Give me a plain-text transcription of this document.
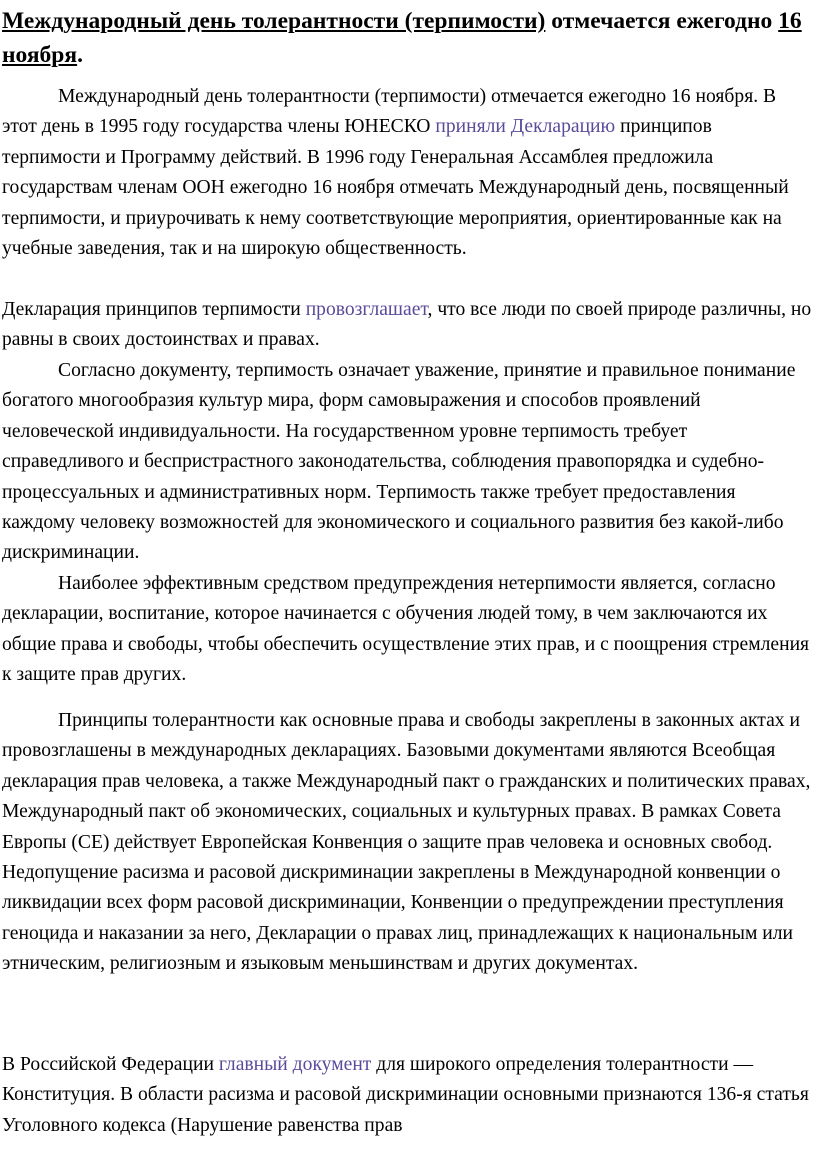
Международный день толерантности (терпимости) отмечается ежегодно 16 ноября.

Международный день толерантности (терпимости) отмечается ежегодно 16 ноября. В этот день в 1995 году государства члены ЮНЕСКО приняли Декларацию принципов терпимости и Программу действий. В 1996 году Генеральная Ассамблея предложила государствам членам ООН ежегодно 16 ноября отмечать Международный день, посвященный терпимости, и приурочивать к нему соответствующие мероприятия, ориентированные как на учебные заведения, так и на широкую общественность.

Декларация принципов терпимости провозглашает, что все люди по своей природе различны, но равны в своих достоинствах и правах.

Согласно документу, терпимость означает уважение, принятие и правильное понимание богатого многообразия культур мира, форм самовыражения и способов проявлений человеческой индивидуальности. На государственном уровне терпимость требует справедливого и беспристрастного законодательства, соблюдения правопорядка и судебно-процессуальных и административных норм. Терпимость также требует предоставления каждому человеку возможностей для экономического и социального развития без какой-либо дискриминации.

Наиболее эффективным средством предупреждения нетерпимости является, согласно декларации, воспитание, которое начинается с обучения людей тому, в чем заключаются их общие права и свободы, чтобы обеспечить осуществление этих прав, и с поощрения стремления к защите прав других.

Принципы толерантности как основные права и свободы закреплены в законных актах и провозглашены в международных декларациях. Базовыми документами являются Всеобщая декларация прав человека, а также Международный пакт о гражданских и политических правах, Международный пакт об экономических, социальных и культурных правах. В рамках Совета Европы (СЕ) действует Европейская Конвенция о защите прав человека и основных свобод. Недопущение расизма и расовой дискриминации закреплены в Международной конвенции о ликвидации всех форм расовой дискриминации, Конвенции о предупреждении преступления геноцида и наказании за него, Декларации о правах лиц, принадлежащих к национальным или этническим, религиозным и языковым меньшинствам и других документах.

В Российской Федерации главный документ для широкого определения толерантности — Конституция. В области расизма и расовой дискриминации основными признаются 136-я статья Уголовного кодекса (Нарушение равенства прав
